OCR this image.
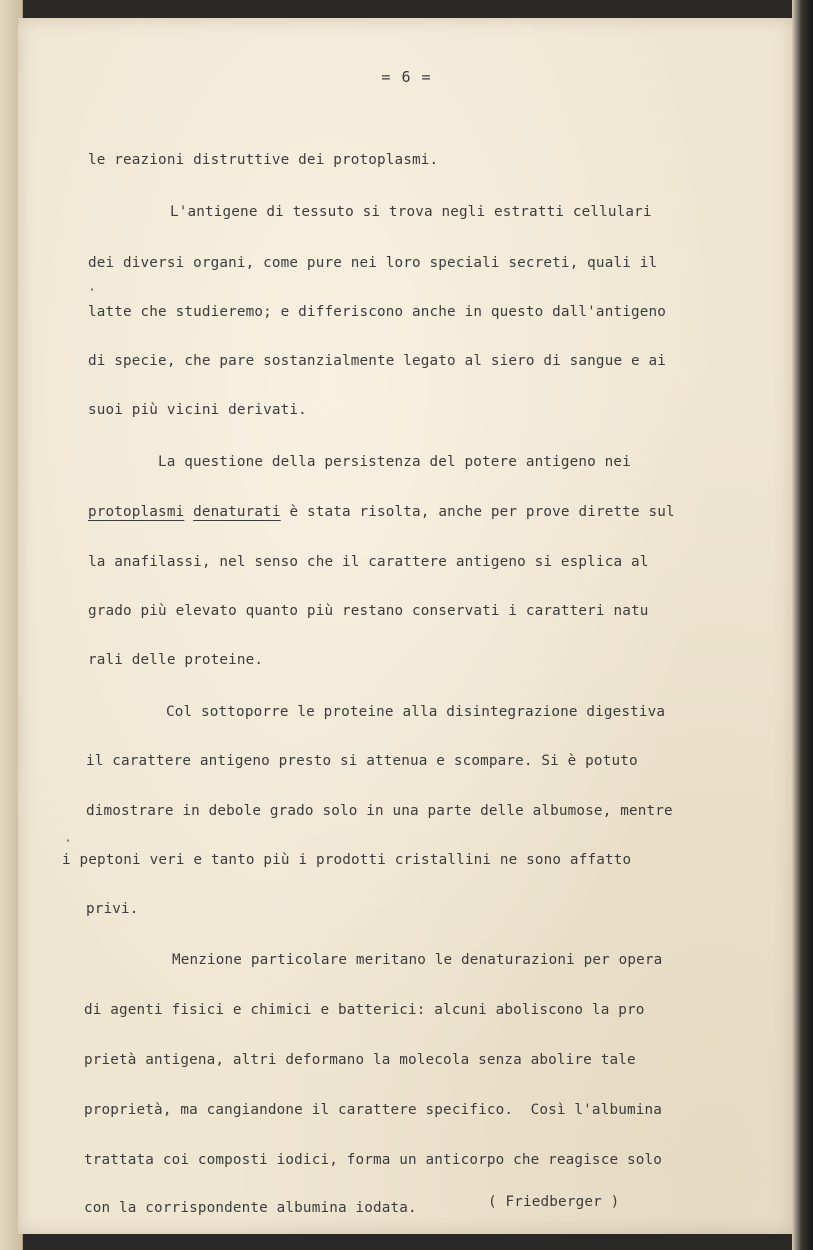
= 6 =
le reazioni distruttive dei protoplasmi.
L'antigene di tessuto si trova negli estratti cellulari
dei diversi organi, come pure nei loro speciali secreti, quali il
latte che studieremo; e differiscono anche in questo dall'antigeno
di specie, che pare sostanzialmente legato al siero di sangue e ai
suoi più vicini derivati.
La questione della persistenza del potere antigeno nei
protoplasmi denaturati è stata risolta, anche per prove dirette sul
la anafilassi, nel senso che il carattere antigeno si esplica al
grado più elevato quanto più restano conservati i caratteri natu
rali delle proteine.
Col sottoporre le proteine alla disintegrazione digestiva
il carattere antigeno presto si attenua e scompare. Si è potuto
dimostrare in debole grado solo in una parte delle albumose, mentre
i peptoni veri e tanto più i prodotti cristallini ne sono affatto
privi.
Menzione particolare meritano le denaturazioni per opera
di agenti fisici e chimici e batterici: alcuni aboliscono la pro
prietà antigena, altri deformano la molecola senza abolire tale
proprietà, ma cangiandone il carattere specifico.  Così l'albumina
trattata coi composti iodici, forma un anticorpo che reagisce solo
con la corrispondente albumina iodata.	( Friedberger )
·
·
